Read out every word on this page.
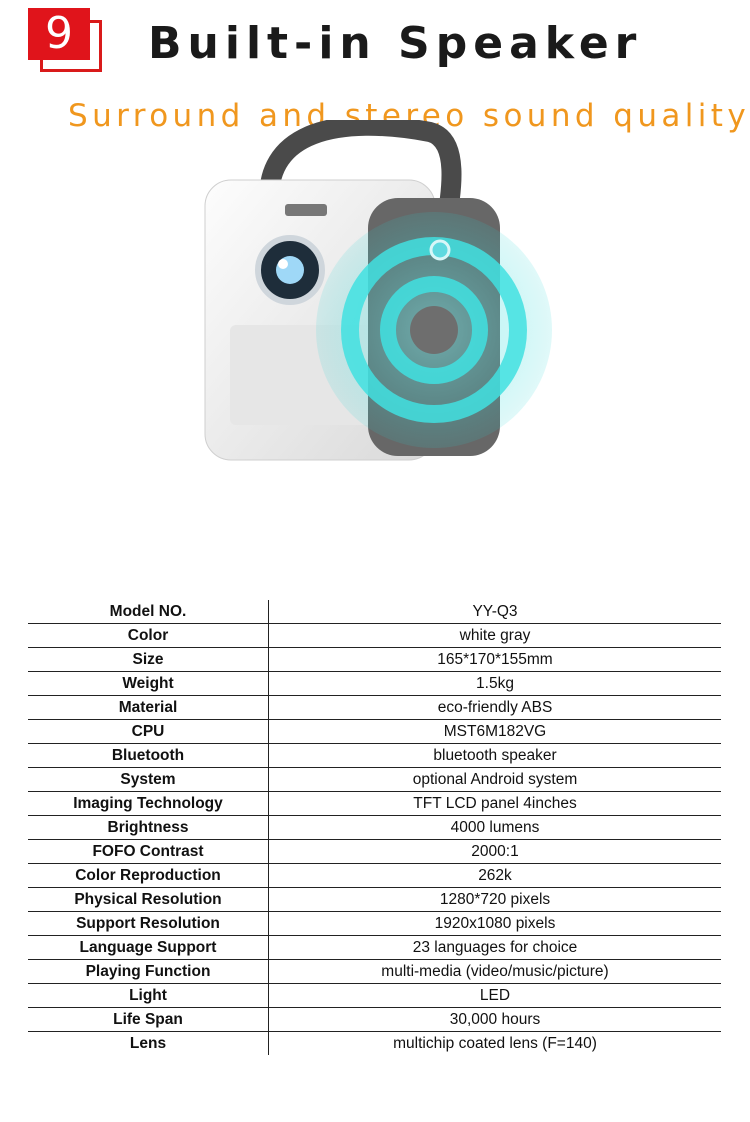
9	Built-in Speaker
Surround and stereo sound quality
Model NO.	YY-Q3
Color	white gray
Size	165*170*155mm
Weight	1.5kg
Material	eco-friendly ABS
CPU	MST6M182VG
Bluetooth	bluetooth speaker
System	optional Android system
Imaging Technology	TFT LCD panel 4inches
Brightness	4000 lumens
FOFO Contrast	2000:1
Color Reproduction	262k
Physical Resolution	1280*720 pixels
Support Resolution	1920x1080 pixels
Language Support	23 languages for choice
Playing Function	multi-media (video/music/picture)
Light	LED
Life Span	30,000 hours
Lens	multichip coated lens (F=140)
